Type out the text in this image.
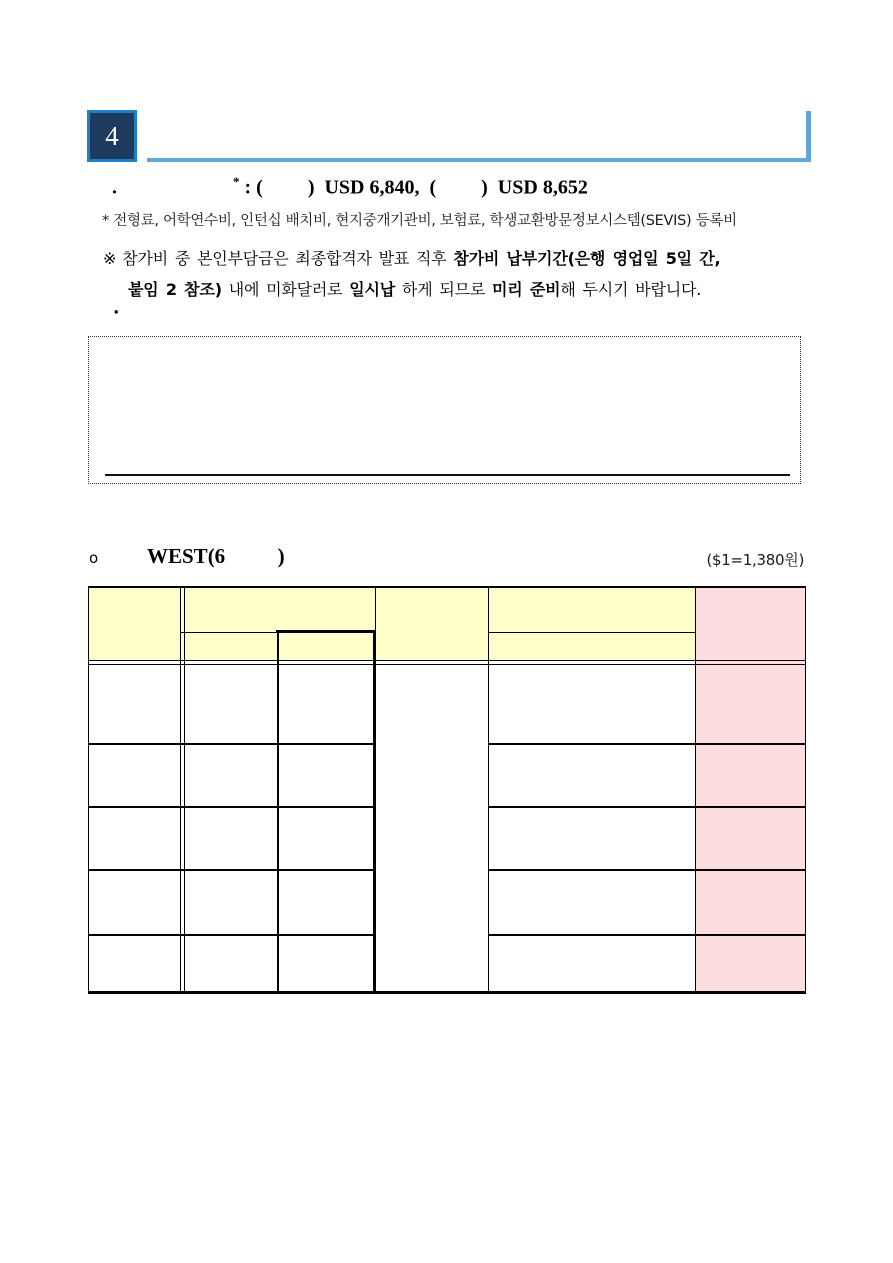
4
.	* : (         )  USD 6,840,  (         )  USD 8,652
* 전형료, 어학연수비, 인턴십 배치비, 현지중개기관비, 보험료, 학생교환방문정보시스템(SEVIS) 등록비
※ 참가비 중 본인부담금은 최종합격자 발표 직후 참가비 납부기간(은행 영업일 5일 간,
붙임 2 참조) 내에 미화달러로 일시납 하게 되므로 미리 준비해 두시기 바랍니다.
·
o WEST(6          )	($1=1,380원)
